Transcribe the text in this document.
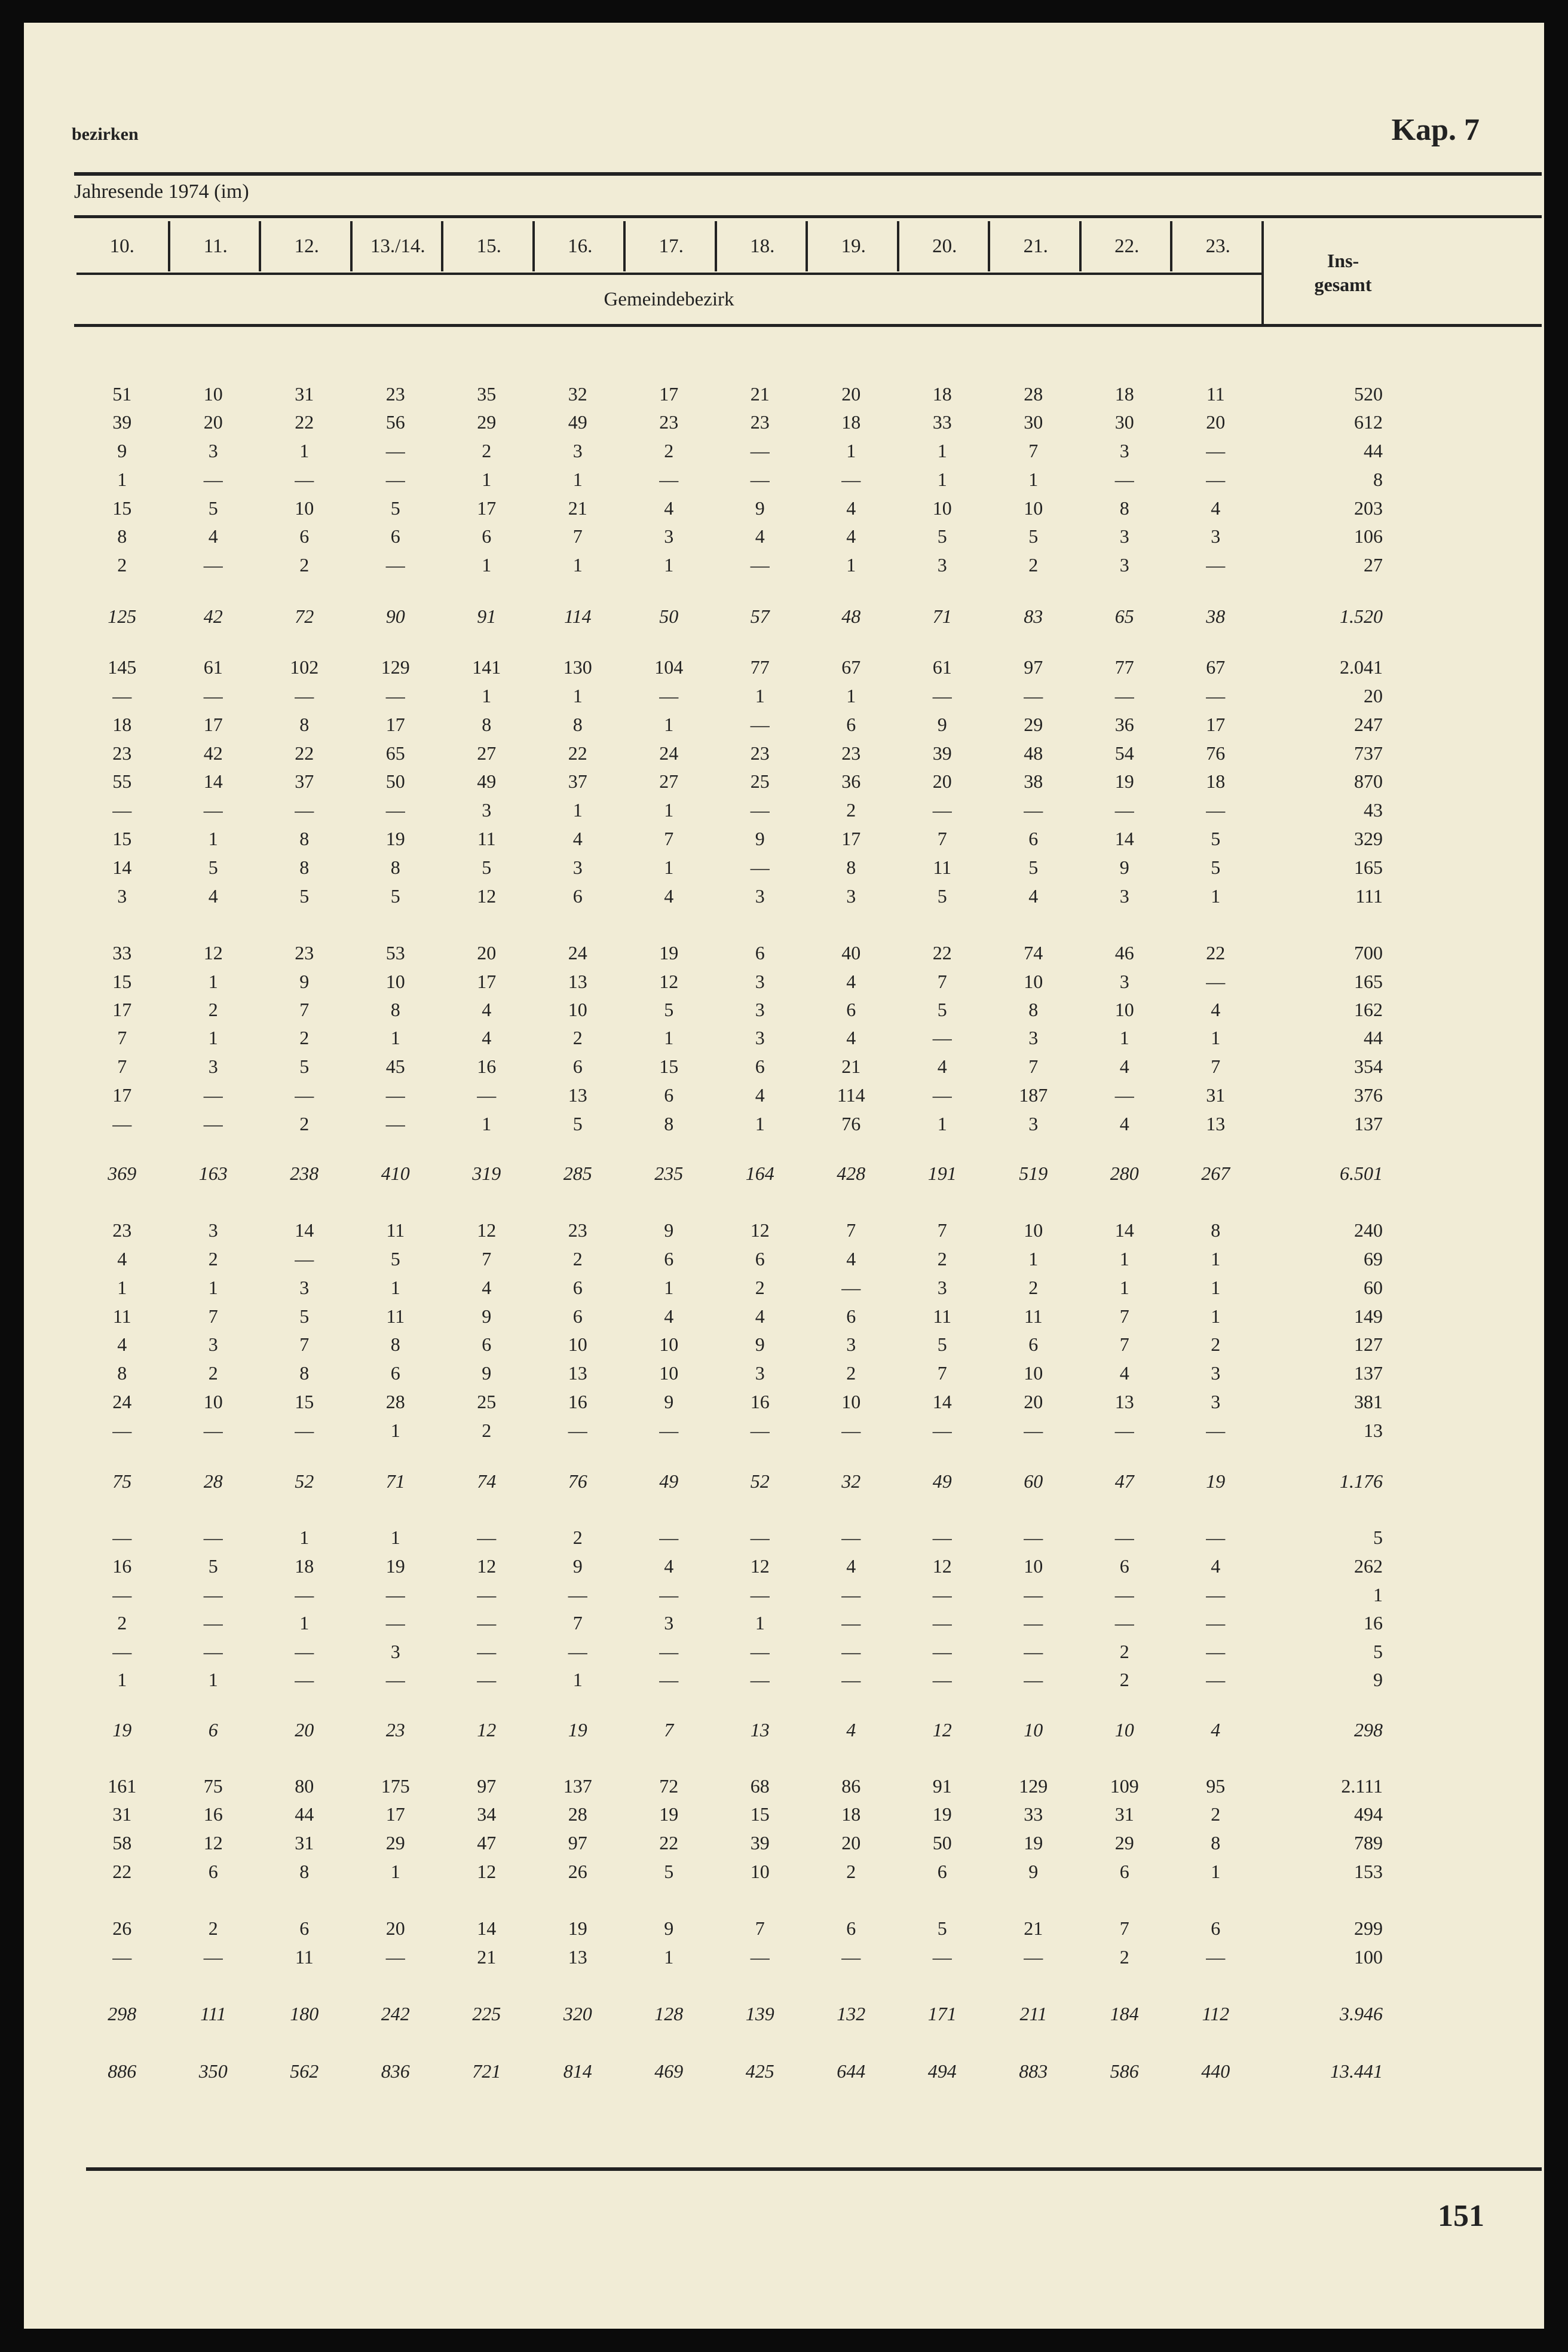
bezirken	Kap. 7
Jahresende 1974 (im)
10.	11.	12.	13./14.	15.	16.	17.	18.	19.	20.	21.	22.	23.
Gemeindebezirk
Ins-
gesamt
51	10	31	23	35	32	17	21	20	18	28	18	11	520
39	20	22	56	29	49	23	23	18	33	30	30	20	612
9	3	1	—	2	3	2	—	1	1	7	3	—	44
1	—	—	—	1	1	—	—	—	1	1	—	—	8
15	5	10	5	17	21	4	9	4	10	10	8	4	203
8	4	6	6	6	7	3	4	4	5	5	3	3	106
2	—	2	—	1	1	1	—	1	3	2	3	—	27
125	42	72	90	91	114	50	57	48	71	83	65	38	1.520
145	61	102	129	141	130	104	77	67	61	97	77	67	2.041
—	—	—	—	1	1	—	1	1	—	—	—	—	20
18	17	8	17	8	8	1	—	6	9	29	36	17	247
23	42	22	65	27	22	24	23	23	39	48	54	76	737
55	14	37	50	49	37	27	25	36	20	38	19	18	870
—	—	—	—	3	1	1	—	2	—	—	—	—	43
15	1	8	19	11	4	7	9	17	7	6	14	5	329
14	5	8	8	5	3	1	—	8	11	5	9	5	165
3	4	5	5	12	6	4	3	3	5	4	3	1	111
33	12	23	53	20	24	19	6	40	22	74	46	22	700
15	1	9	10	17	13	12	3	4	7	10	3	—	165
17	2	7	8	4	10	5	3	6	5	8	10	4	162
7	1	2	1	4	2	1	3	4	—	3	1	1	44
7	3	5	45	16	6	15	6	21	4	7	4	7	354
17	—	—	—	—	13	6	4	114	—	187	—	31	376
—	—	2	—	1	5	8	1	76	1	3	4	13	137
369	163	238	410	319	285	235	164	428	191	519	280	267	6.501
23	3	14	11	12	23	9	12	7	7	10	14	8	240
4	2	—	5	7	2	6	6	4	2	1	1	1	69
1	1	3	1	4	6	1	2	—	3	2	1	1	60
11	7	5	11	9	6	4	4	6	11	11	7	1	149
4	3	7	8	6	10	10	9	3	5	6	7	2	127
8	2	8	6	9	13	10	3	2	7	10	4	3	137
24	10	15	28	25	16	9	16	10	14	20	13	3	381
—	—	—	1	2	—	—	—	—	—	—	—	—	13
75	28	52	71	74	76	49	52	32	49	60	47	19	1.176
—	—	1	1	—	2	—	—	—	—	—	—	—	5
16	5	18	19	12	9	4	12	4	12	10	6	4	262
—	—	—	—	—	—	—	—	—	—	—	—	—	1
2	—	1	—	—	7	3	1	—	—	—	—	—	16
—	—	—	3	—	—	—	—	—	—	—	2	—	5
1	1	—	—	—	1	—	—	—	—	—	2	—	9
19	6	20	23	12	19	7	13	4	12	10	10	4	298
161	75	80	175	97	137	72	68	86	91	129	109	95	2.111
31	16	44	17	34	28	19	15	18	19	33	31	2	494
58	12	31	29	47	97	22	39	20	50	19	29	8	789
22	6	8	1	12	26	5	10	2	6	9	6	1	153
26	2	6	20	14	19	9	7	6	5	21	7	6	299
—	—	11	—	21	13	1	—	—	—	—	2	—	100
298	111	180	242	225	320	128	139	132	171	211	184	112	3.946
886	350	562	836	721	814	469	425	644	494	883	586	440	13.441
151
